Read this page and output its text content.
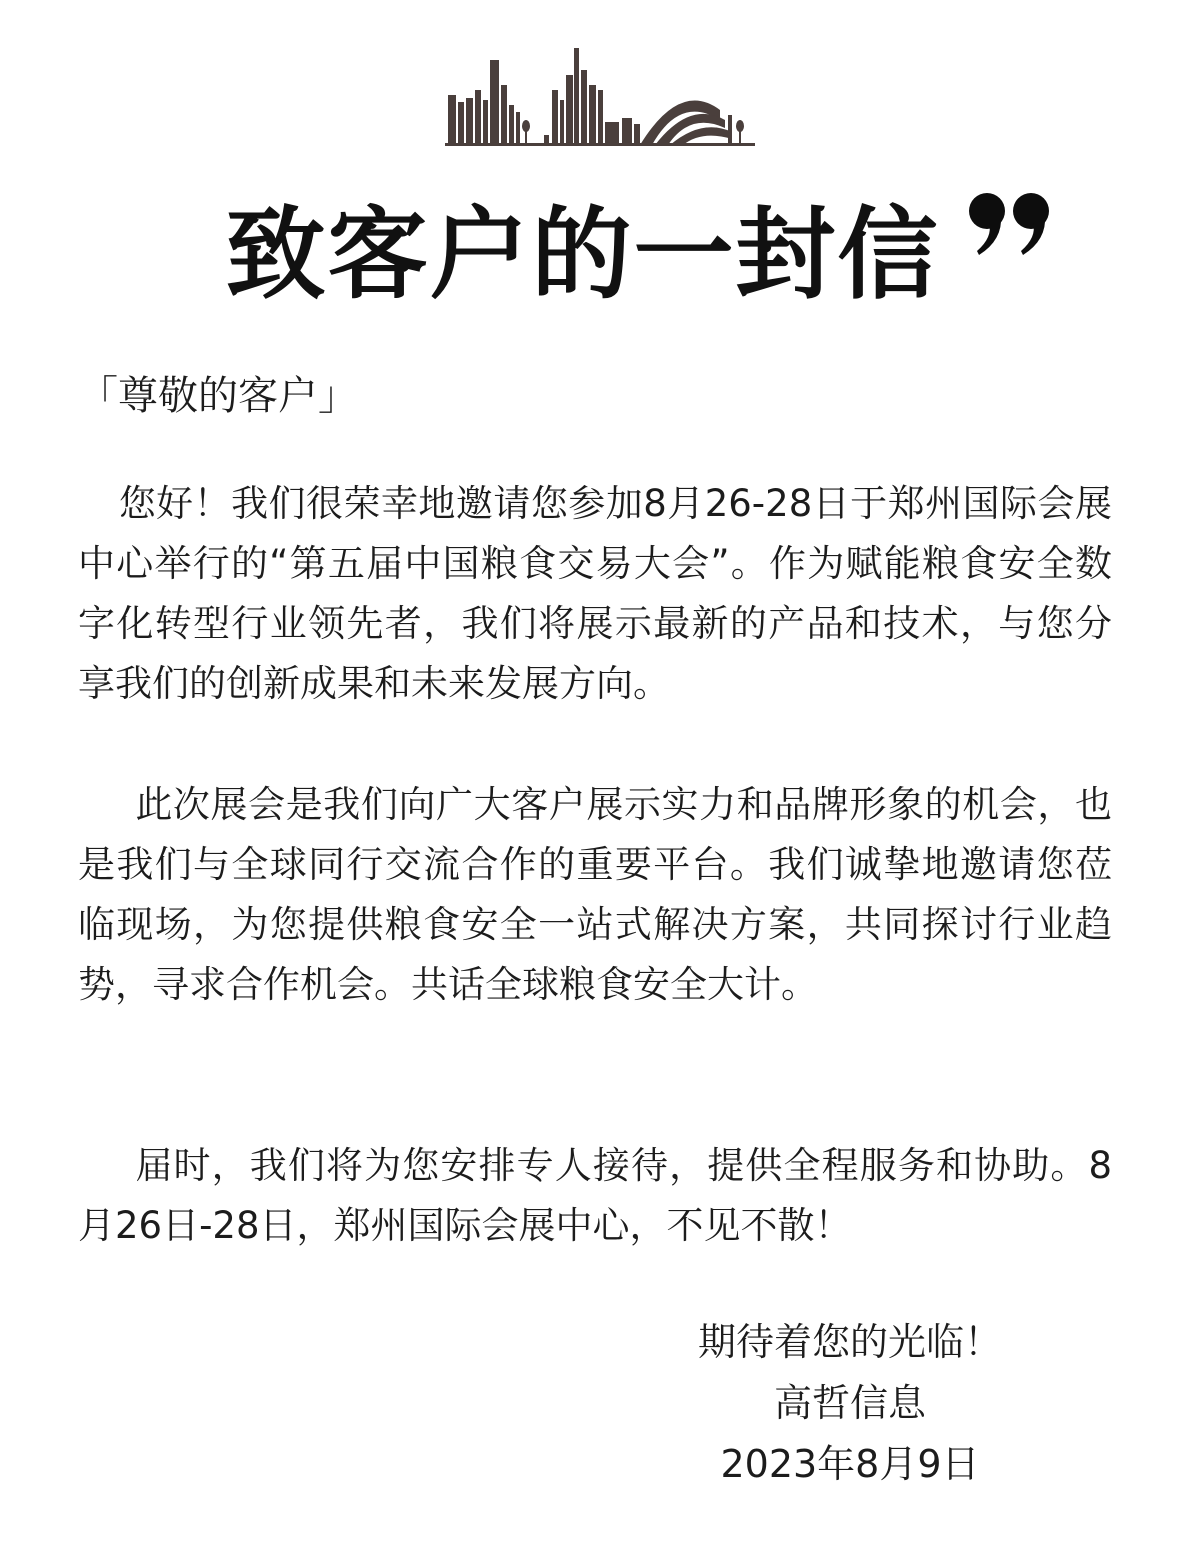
致客户的一封信

「尊敬的客户」

您好！我们很荣幸地邀请您参加8月26-28日于郑州国际会展中心举行的“第五届中国粮食交易大会”。作为赋能粮食安全数字化转型行业领先者，我们将展示最新的产品和技术，与您分享我们的创新成果和未来发展方向。

此次展会是我们向广大客户展示实力和品牌形象的机会，也是我们与全球同行交流合作的重要平台。我们诚挚地邀请您莅临现场，为您提供粮食安全一站式解决方案，共同探讨行业趋势，寻求合作机会。共话全球粮食安全大计。

届时，我们将为您安排专人接待，提供全程服务和协助。8月26日-28日，郑州国际会展中心，不见不散！

期待着您的光临！

高哲信息

2023年8月9日
